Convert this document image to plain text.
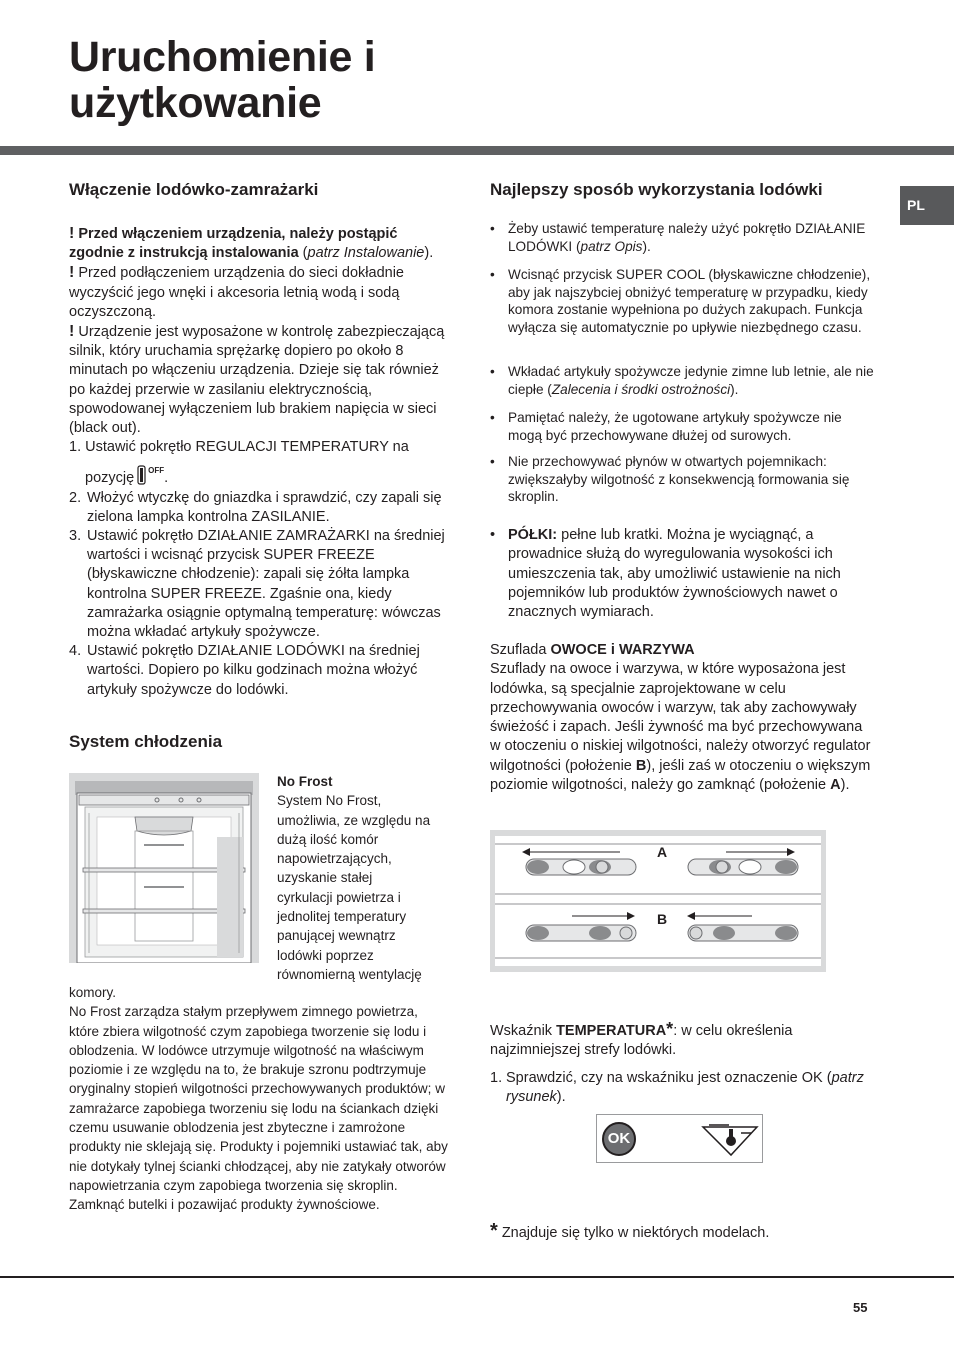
Uruchomienie i
użytkowanie
PL
Włączenie lodówko-zamrażarki

! Przed włączeniem urządzenia, należy postąpić zgodnie z instrukcją instalowania (patrz Instalowanie).

! Przed podłączeniem urządzenia do sieci dokładnie wyczyścić jego wnęki i akcesoria letnią wodą i sodą oczyszczoną.

! Urządzenie jest wyposażone w kontrolę zabezpieczającą silnik, który uruchamia sprężarkę dopiero po około 8 minutach po włączeniu urządzenia. Dzieje się tak również po każdej przerwie w zasilaniu elektrycznością, spowodowanej wyłączeniem lub brakiem napięcia w sieci (black out).

1. Ustawić pokrętło REGULACJI TEMPERATURY na
pozycję $^{OFF}$.
2. Włożyć wtyczkę do gniazdka i sprawdzić, czy zapali się zielona lampka kontrolna ZASILANIE.
3. Ustawić pokrętło DZIAŁANIE ZAMRAŻARKI na średniej wartości i wcisnąć przycisk SUPER FREEZE (błyskawiczne chłodzenie): zapali się żółta lampka kontrolna SUPER FREEZE. Zgaśnie ona, kiedy zamrażarka osiągnie optymalną temperaturę: wówczas można wkładać artykuły spożywcze.
4. Ustawić pokrętło DZIAŁANIE LODÓWKI na średniej wartości. Dopiero po kilku godzinach można włożyć artykuły spożywcze do lodówki.
System chłodzenia
No Frost
System No Frost,
umożliwia, ze względu na
dużą ilość komór
napowietrzających,
uzyskanie stałej
cyrkulacji powietrza i
jednolitej temperatury
panującej wewnątrz
lodówki poprzez
równomierną wentylację
komory.
No Frost zarządza stałym przepływem zimnego powietrza, które zbiera wilgotność czym zapobiega tworzenie się lodu i oblodzenia. W lodówce utrzymuje wilgotność na właściwym poziomie i ze względu na to, że brakuje szronu podtrzymuje oryginalny stopień wilgotności przechowywanych produktów; w zamrażarce zapobiega tworzeniu się lodu na ściankach dzięki czemu usuwanie oblodzenia jest zbyteczne i zamrożone produkty nie sklejają się. Produkty i pojemniki ustawiać tak, aby nie dotykały tylnej ścianki chłodzącej, aby nie zatykały otworów napowietrzania czym zapobiega tworzenia się skroplin. Zamknąć butelki i pozawijać produkty żywnościowe.
Najlepszy sposób wykorzystania lodówki
• Żeby ustawić temperaturę należy użyć pokrętło DZIAŁANIE LODÓWKI (patrz Opis).
• Wcisnąć przycisk SUPER COOL (błyskawiczne chłodzenie), aby jak najszybciej obniżyć temperaturę w przypadku, kiedy komora zostanie wypełniona po dużych zakupach. Funkcja wyłącza się automatycznie po upływie niezbędnego czasu.
• Wkładać artykuły spożywcze jedynie zimne lub letnie, ale nie ciepłe (Zalecenia i środki ostrożności).
• Pamiętać należy, że ugotowane artykuły spożywcze nie mogą być przechowywane dłużej od surowych.
• Nie przechowywać płynów w otwartych pojemnikach: zwiększałyby wilgotność z konsekwencją formowania się skroplin.
• PÓŁKI: pełne lub kratki. Można je wyciągnąć, a prowadnice służą do wyregulowania wysokości ich umieszczenia tak, aby umożliwić ustawienie na nich pojemników lub produktów żywnościowych nawet o znacznych wymiarach.
Szuflada OWOCE i WARZYWA
Szuflady na owoce i warzywa, w które wyposażona jest lodówka, są specjalnie zaprojektowane w celu przechowywania owoców i warzyw, tak aby zachowywały świeżość i zapach. Jeśli żywność ma być przechowywana w otoczeniu o niskiej wilgotności, należy otworzyć regulator wilgotności (położenie B), jeśli zaś w otoczeniu o większym poziomie wilgotności, należy go zamknąć (położenie A).
A
B
Wskaźnik TEMPERATURA*: w celu określenia najzimniejszej strefy lodówki.
1. Sprawdzić, czy na wskaźniku jest oznaczenie OK (patrz rysunek).
OK
* Znajduje się tylko w niektórych modelach.
55
